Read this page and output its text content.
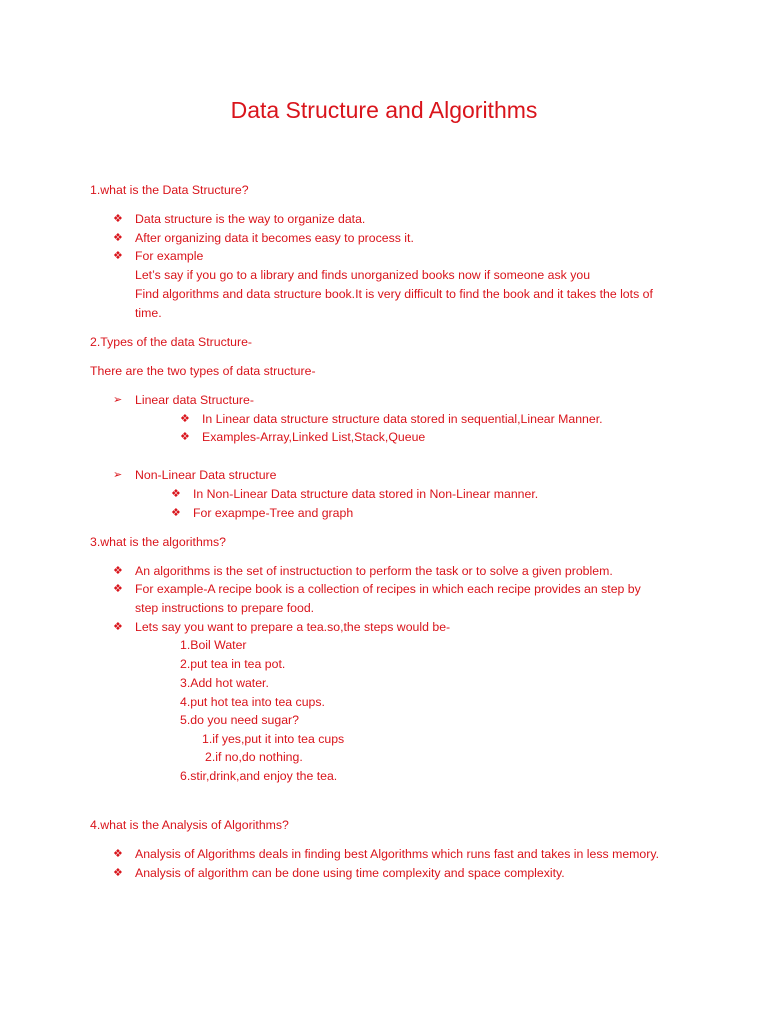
Data Structure and Algorithms
1.what is the Data Structure?
❖ Data structure is the way to organize data.
❖ After organizing data it becomes easy to process it.
❖ For example
Let’s say if you go to a library and finds unorganized books now if someone ask you
Find algorithms and data structure book.It is very difficult to find the book and it takes the lots of
time.
2.Types of the data Structure-
There are the two types of data structure-
➢ Linear data Structure-
❖ In Linear data structure structure data stored in sequential,Linear Manner.
❖ Examples-Array,Linked List,Stack,Queue
➢ Non-Linear Data structure
❖ In Non-Linear Data structure data stored in Non-Linear manner.
❖ For exapmpe-Tree and graph
3.what is the algorithms?
❖ An algorithms is the set of instructuction to perform the task or to solve a given problem.
❖ For example-A recipe book is a collection of recipes in which each recipe provides an step by
step instructions to prepare food.
❖ Lets say you want to prepare a tea.so,the steps would be-
1.Boil Water
2.put tea in tea pot.
3.Add hot water.
4.put hot tea into tea cups.
5.do you need sugar?
1.if yes,put it into tea cups
2.if no,do nothing.
6.stir,drink,and enjoy the tea.
4.what is the Analysis of Algorithms?
❖ Analysis of Algorithms deals in finding best Algorithms which runs fast and takes in less memory.
❖ Analysis of algorithm can be done using time complexity and space complexity.
